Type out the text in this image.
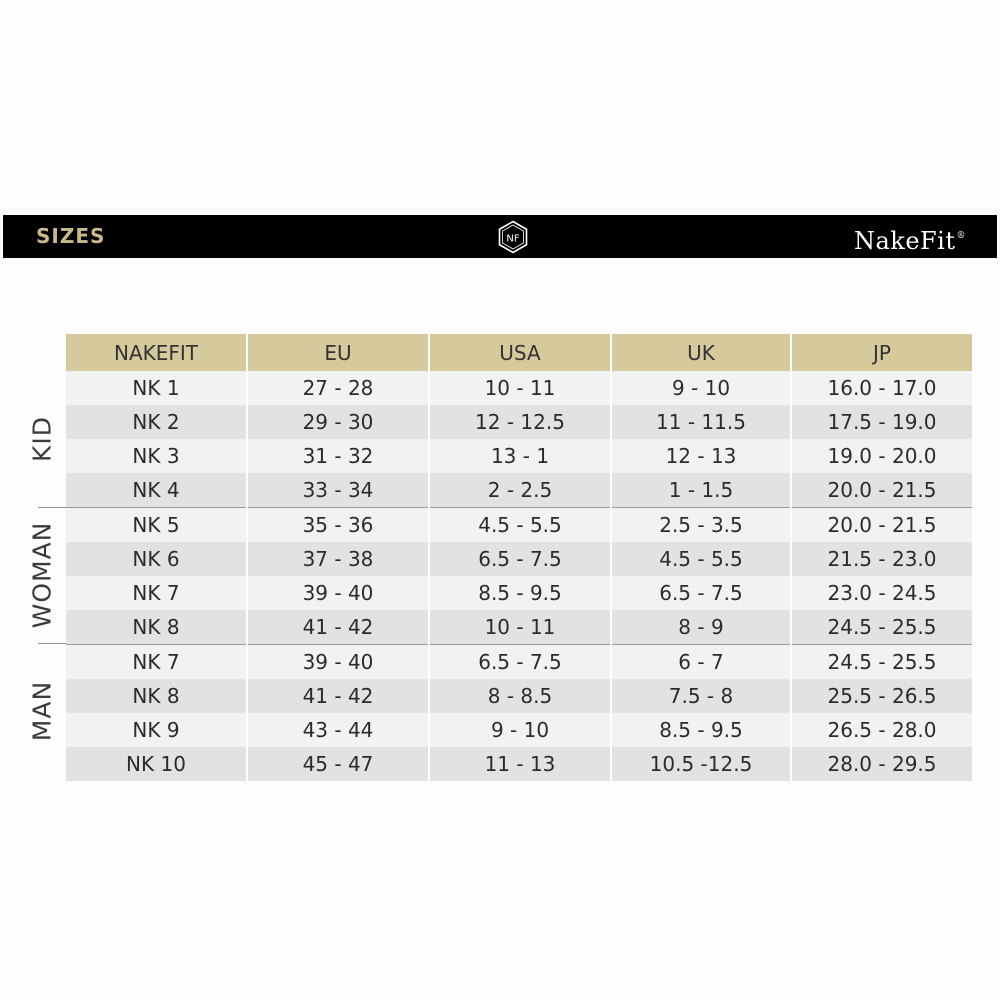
SIZES	NF	NakeFit®
KID
WOMAN
MAN
NAKEFIT	EU	USA	UK	JP
NK 1	27 - 28	10 - 11	9 - 10	16.0 - 17.0
NK 2	29 - 30	12 - 12.5	11 - 11.5	17.5 - 19.0
NK 3	31 - 32	13 - 1	12 - 13	19.0 - 20.0
NK 4	33 - 34	2 - 2.5	1 - 1.5	20.0 - 21.5
NK 5	35 - 36	4.5 - 5.5	2.5 - 3.5	20.0 - 21.5
NK 6	37 - 38	6.5 - 7.5	4.5 - 5.5	21.5 - 23.0
NK 7	39 - 40	8.5 - 9.5	6.5 - 7.5	23.0 - 24.5
NK 8	41 - 42	10 - 11	8 - 9	24.5 - 25.5
NK 7	39 - 40	6.5 - 7.5	6 - 7	24.5 - 25.5
NK 8	41 - 42	8 - 8.5	7.5 - 8	25.5 - 26.5
NK 9	43 - 44	9 - 10	8.5 - 9.5	26.5 - 28.0
NK 10	45 - 47	11 - 13	10.5 -12.5	28.0 - 29.5
